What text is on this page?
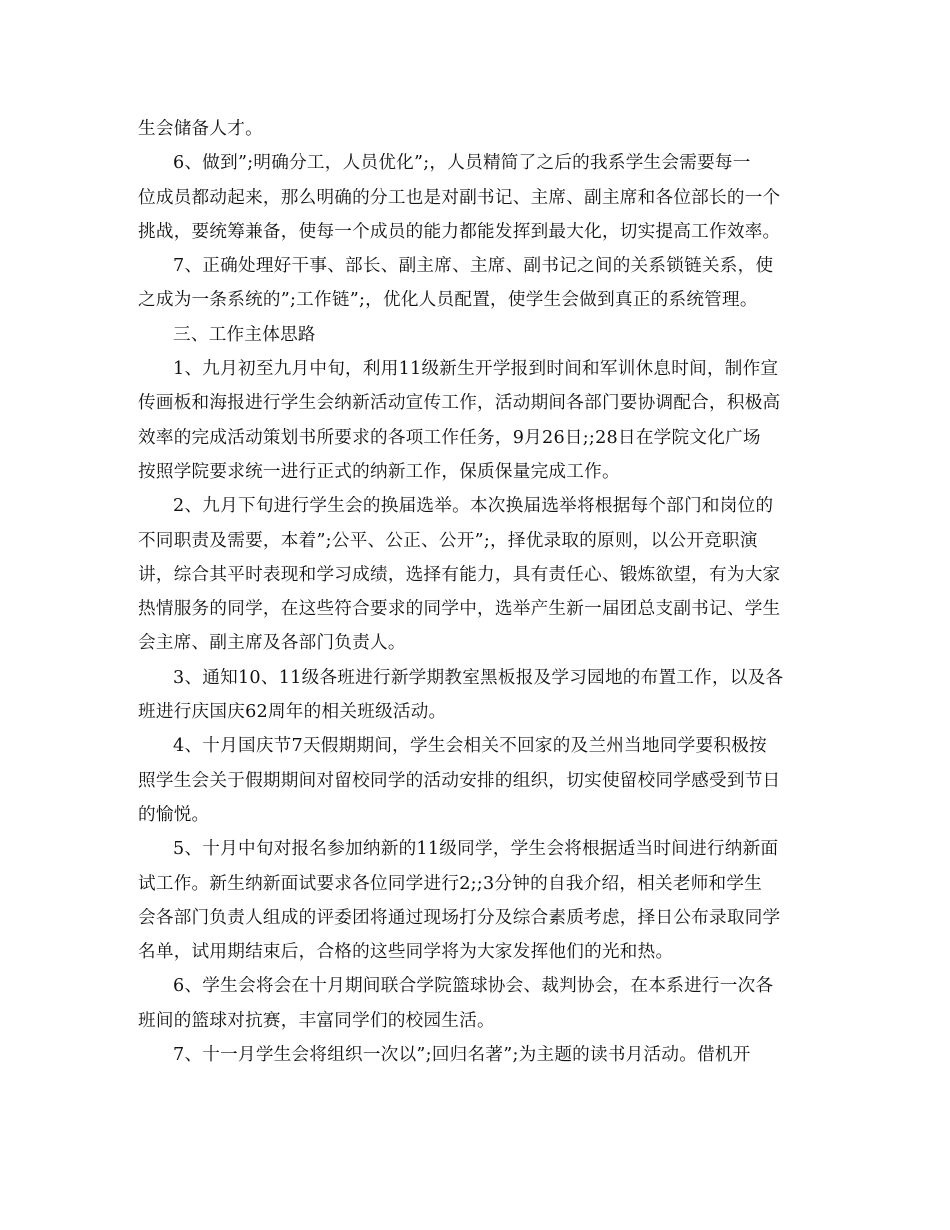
生会储备人才。
6、做到”;明确分工，人员优化”;，人员精简了之后的我系学生会需要每一
位成员都动起来，那么明确的分工也是对副书记、主席、副主席和各位部长的一个
挑战，要统筹兼备，使每一个成员的能力都能发挥到最大化，切实提高工作效率。
7、正确处理好干事、部长、副主席、主席、副书记之间的关系锁链关系，使
之成为一条系统的”;工作链”;，优化人员配置，使学生会做到真正的系统管理。
三、工作主体思路
1、九月初至九月中旬，利用11级新生开学报到时间和军训休息时间，制作宣
传画板和海报进行学生会纳新活动宣传工作，活动期间各部门要协调配合，积极高
效率的完成活动策划书所要求的各项工作任务，9月26日;;28日在学院文化广场
按照学院要求统一进行正式的纳新工作，保质保量完成工作。
2、九月下旬进行学生会的换届选举。本次换届选举将根据每个部门和岗位的
不同职责及需要，本着”;公平、公正、公开”;，择优录取的原则，以公开竞职演
讲，综合其平时表现和学习成绩，选择有能力，具有责任心、锻炼欲望，有为大家
热情服务的同学，在这些符合要求的同学中，选举产生新一届团总支副书记、学生
会主席、副主席及各部门负责人。
3、通知10、11级各班进行新学期教室黑板报及学习园地的布置工作，以及各
班进行庆国庆62周年的相关班级活动。
4、十月国庆节7天假期期间，学生会相关不回家的及兰州当地同学要积极按
照学生会关于假期期间对留校同学的活动安排的组织，切实使留校同学感受到节日
的愉悦。
5、十月中旬对报名参加纳新的11级同学，学生会将根据适当时间进行纳新面
试工作。新生纳新面试要求各位同学进行2;;3分钟的自我介绍，相关老师和学生
会各部门负责人组成的评委团将通过现场打分及综合素质考虑，择日公布录取同学
名单，试用期结束后，合格的这些同学将为大家发挥他们的光和热。
6、学生会将会在十月期间联合学院篮球协会、裁判协会，在本系进行一次各
班间的篮球对抗赛，丰富同学们的校园生活。
7、十一月学生会将组织一次以”;回归名著”;为主题的读书月活动。借机开
